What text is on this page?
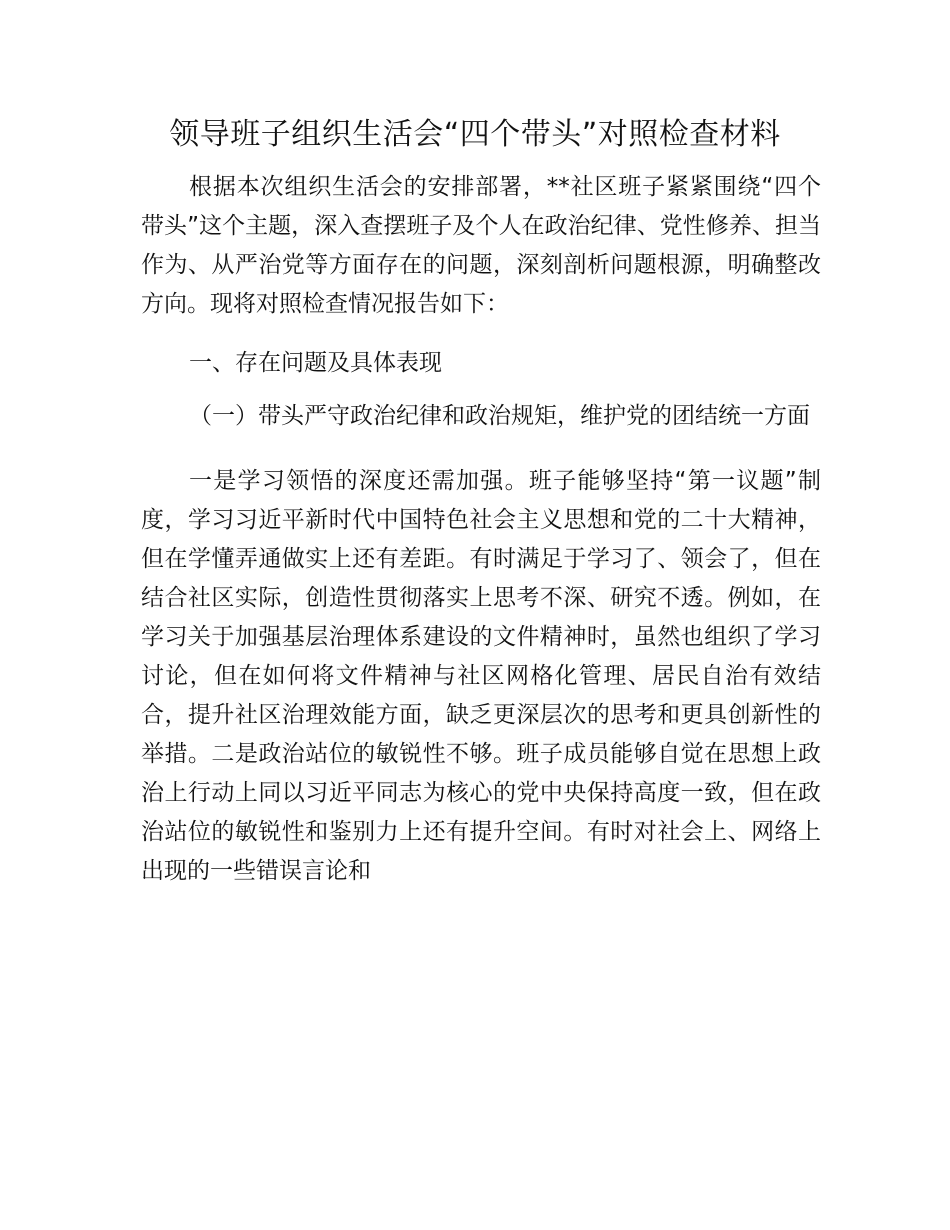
领导班子组织生活会“四个带头”对照检查材料

根据本次组织生活会的安排部署，**社区班子紧紧围绕“四个带头”这个主题，深入查摆班子及个人在政治纪律、党性修养、担当作为、从严治党等方面存在的问题，深刻剖析问题根源，明确整改方向。现将对照检查情况报告如下：

一、存在问题及具体表现

（一）带头严守政治纪律和政治规矩，维护党的团结统一方面

一是学习领悟的深度还需加强。班子能够坚持“第一议题”制度，学习习近平新时代中国特色社会主义思想和党的二十大精神，但在学懂弄通做实上还有差距。有时满足于学习了、领会了，但在结合社区实际，创造性贯彻落实上思考不深、研究不透。例如，在学习关于加强基层治理体系建设的文件精神时，虽然也组织了学习讨论，但在如何将文件精神与社区网格化管理、居民自治有效结合，提升社区治理效能方面，缺乏更深层次的思考和更具创新性的举措。二是政治站位的敏锐性不够。班子成员能够自觉在思想上政治上行动上同以习近平同志为核心的党中央保持高度一致，但在政治站位的敏锐性和鉴别力上还有提升空间。有时对社会上、网络上出现的一些错误言论和
